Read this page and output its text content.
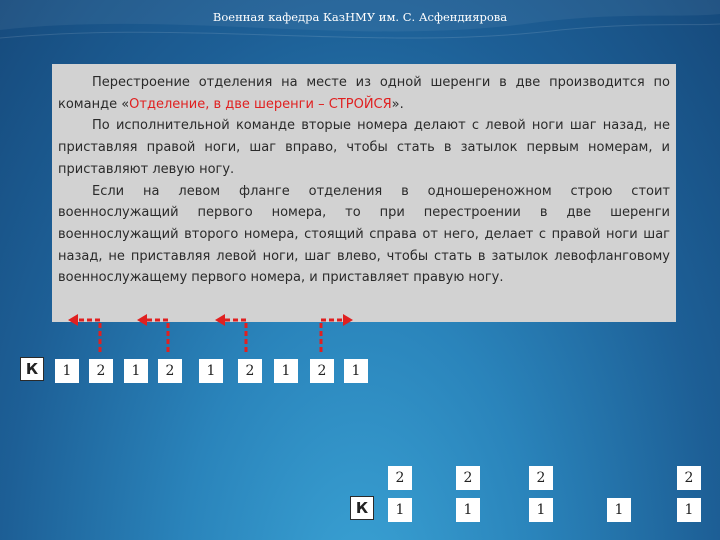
Военная кафедра КазНМУ им. С. Асфендиярова

Перестроение отделения на месте из одной шеренги в две производится по команде «Отделение, в две шеренги – СТРОЙСЯ».

По исполнительной команде вторые номера делают с левой ноги шаг назад, не приставляя правой ноги, шаг вправо, чтобы стать в затылок первым номерам, и приставляют левую ногу.

Если на левом фланге отделения в одношереножном строю стоит военнослужащий первого номера, то при перестроении в две шеренги военнослужащий второго номера, стоящий справа от него, делает с правой ноги шаг назад, не приставляя левой ноги, шаг влево, чтобы стать в затылок левофланговому военнослужащему первого номера, и приставляет правую ногу.

К	1	2	1	2	1	2	1	2	1
2	2	2	2
К	1	1	1	1	1
